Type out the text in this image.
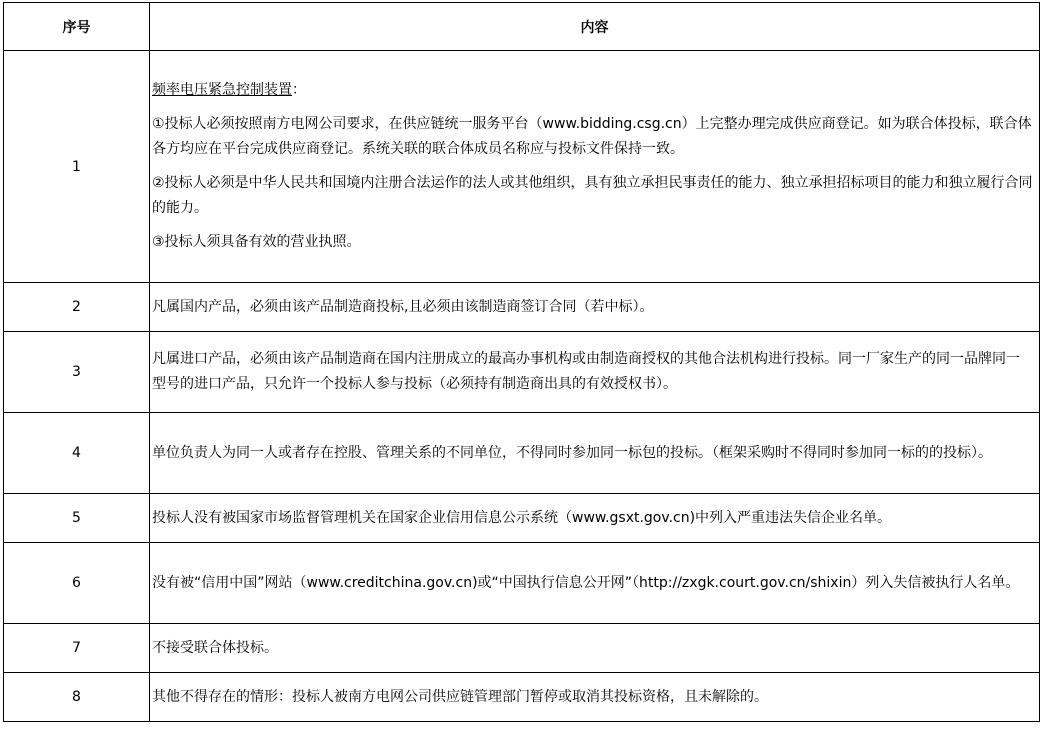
序号	内容
1	频率电压紧急控制装置：

①投标人必须按照南方电网公司要求，在供应链统一服务平台（www.bidding.csg.cn）上完整办理完成供应商登记。如为联合体投标，联合体各方均应在平台完成供应商登记。系统关联的联合体成员名称应与投标文件保持一致。

②投标人必须是中华人民共和国境内注册合法运作的法人或其他组织，具有独立承担民事责任的能力、独立承担招标项目的能力和独立履行合同的能力。

③投标人须具备有效的营业执照。

2	凡属国内产品，必须由该产品制造商投标,且必须由该制造商签订合同（若中标）。
3	凡属进口产品，必须由该产品制造商在国内注册成立的最高办事机构或由制造商授权的其他合法机构进行投标。同一厂家生产的同一品牌同一型号的进口产品，只允许一个投标人参与投标（必须持有制造商出具的有效授权书）。
4	单位负责人为同一人或者存在控股、管理关系的不同单位，不得同时参加同一标包的投标。（框架采购时不得同时参加同一标的的投标）。
5	投标人没有被国家市场监督管理机关在国家企业信用信息公示系统（www.gsxt.gov.cn)中列入严重违法失信企业名单。
6	没有被“信用中国”网站（www.creditchina.gov.cn)或“中国执行信息公开网”（http://zxgk.court.gov.cn/shixin）列入失信被执行人名单。
7	不接受联合体投标。
8	其他不得存在的情形：投标人被南方电网公司供应链管理部门暂停或取消其投标资格，且未解除的。
